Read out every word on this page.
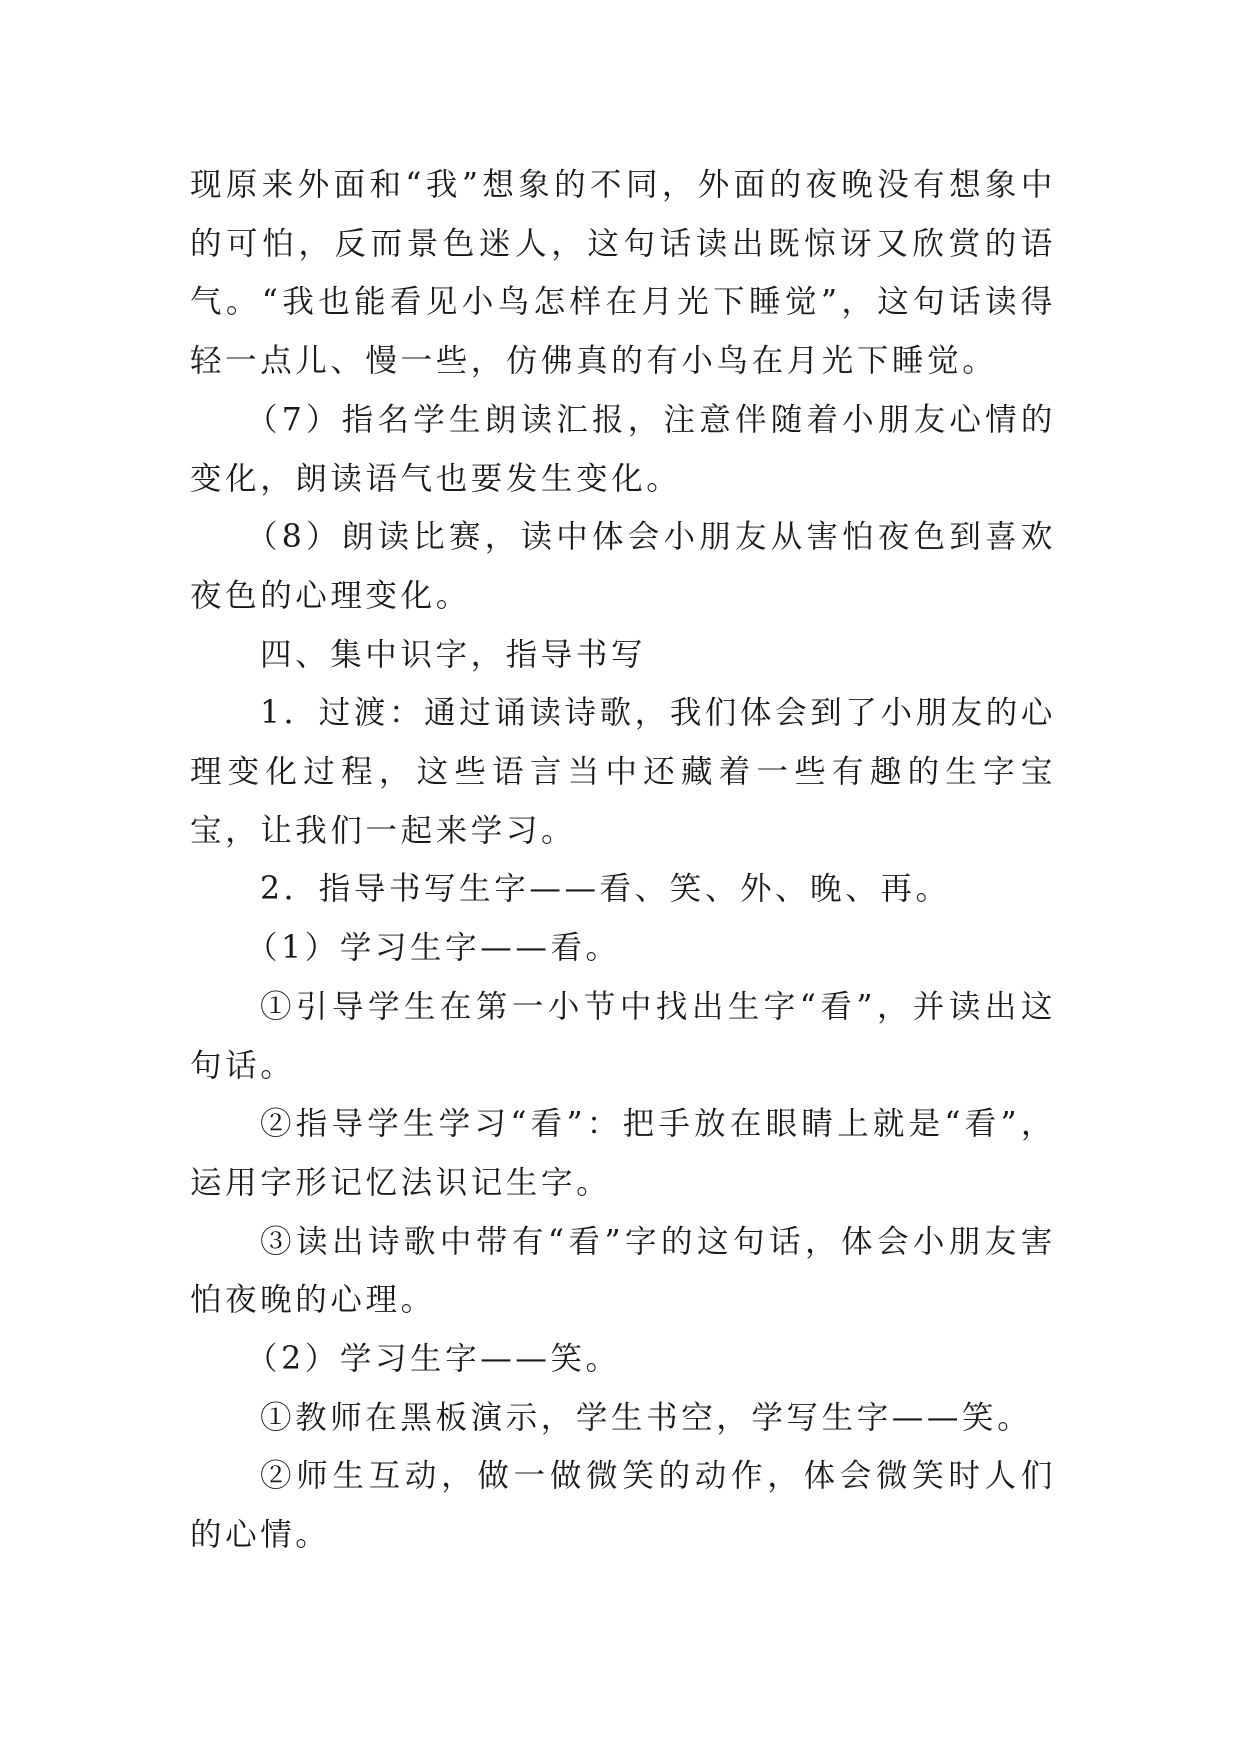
现原来外面和“我”想象的不同，外面的夜晚没有想象中的可怕，反而景色迷人，这句话读出既惊讶又欣赏的语气。“我也能看见小鸟怎样在月光下睡觉”，这句话读得轻一点儿、慢一些，仿佛真的有小鸟在月光下睡觉。

（7）指名学生朗读汇报，注意伴随着小朋友心情的变化，朗读语气也要发生变化。

（8）朗读比赛，读中体会小朋友从害怕夜色到喜欢夜色的心理变化。

四、集中识字，指导书写

1．过渡：通过诵读诗歌，我们体会到了小朋友的心理变化过程，这些语言当中还藏着一些有趣的生字宝宝，让我们一起来学习。

2．指导书写生字——看、笑、外、晚、再。

（1）学习生字——看。

①引导学生在第一小节中找出生字“看”，并读出这句话。

②指导学生学习“看”：把手放在眼睛上就是“看”，运用字形记忆法识记生字。

③读出诗歌中带有“看”字的这句话，体会小朋友害怕夜晚的心理。

（2）学习生字——笑。

①教师在黑板演示，学生书空，学写生字——笑。

②师生互动，做一做微笑的动作，体会微笑时人们的心情。
